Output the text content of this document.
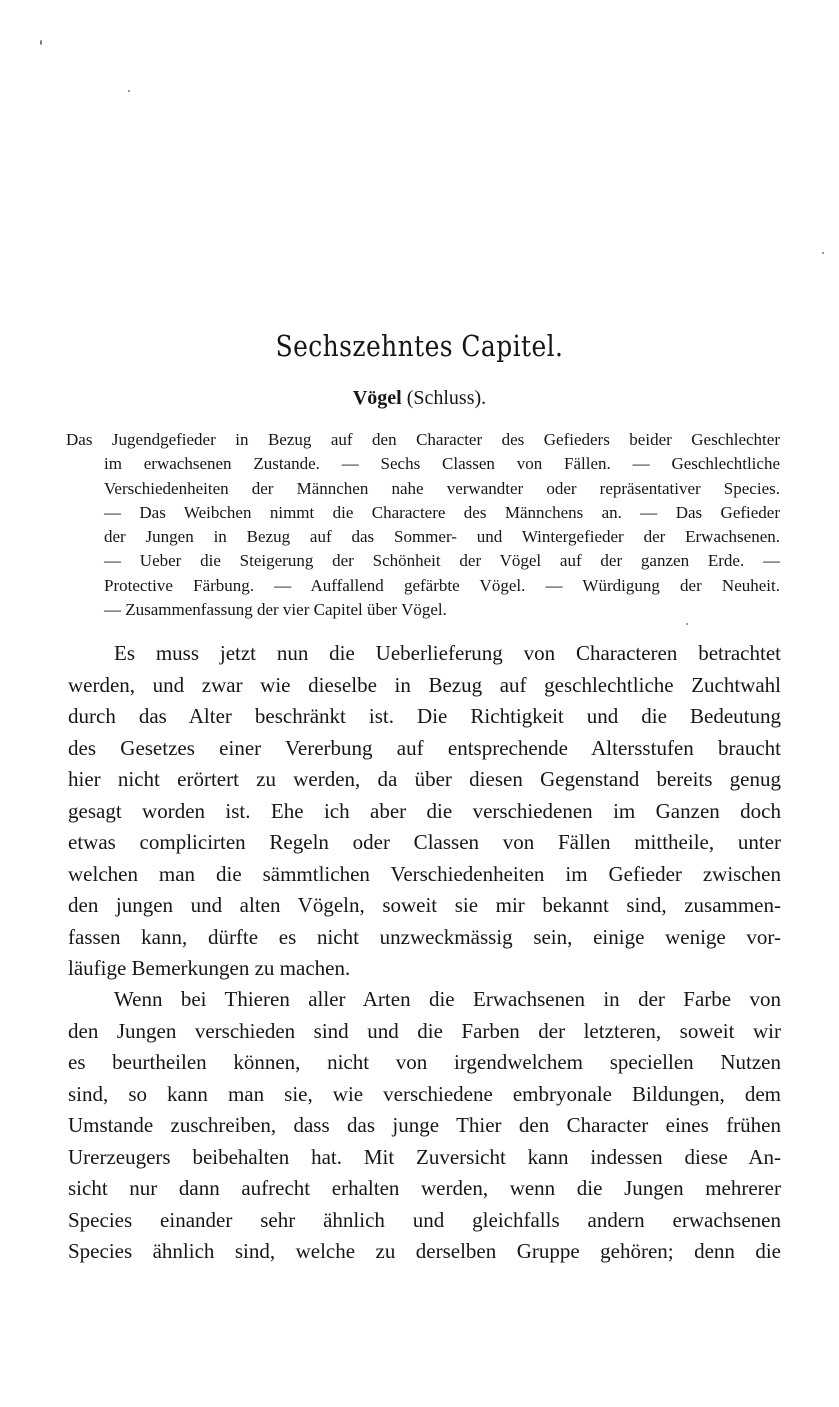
Sechszehntes Capitel.
Vögel (Schluss).
Das Jugendgefieder in Bezug auf den Character des Gefieders beider Geschlechter
im erwachsenen Zustande. — Sechs Classen von Fällen. — Geschlechtliche
Verschiedenheiten der Männchen nahe verwandter oder repräsentativer Species.
— Das Weibchen nimmt die Charactere des Männchens an. — Das Gefieder
der Jungen in Bezug auf das Sommer- und Wintergefieder der Erwachsenen.
— Ueber die Steigerung der Schönheit der Vögel auf der ganzen Erde. —
Protective Färbung. — Auffallend gefärbte Vögel. — Würdigung der Neuheit.
— Zusammenfassung der vier Capitel über Vögel.
Es muss jetzt nun die Ueberlieferung von Characteren betrachtet
werden, und zwar wie dieselbe in Bezug auf geschlechtliche Zuchtwahl
durch das Alter beschränkt ist. Die Richtigkeit und die Bedeutung
des Gesetzes einer Vererbung auf entsprechende Altersstufen braucht
hier nicht erörtert zu werden, da über diesen Gegenstand bereits genug
gesagt worden ist. Ehe ich aber die verschiedenen im Ganzen doch
etwas complicirten Regeln oder Classen von Fällen mittheile, unter
welchen man die sämmtlichen Verschiedenheiten im Gefieder zwischen
den jungen und alten Vögeln, soweit sie mir bekannt sind, zusammen-
fassen kann, dürfte es nicht unzweckmässig sein, einige wenige vor-
läufige Bemerkungen zu machen.
Wenn bei Thieren aller Arten die Erwachsenen in der Farbe von
den Jungen verschieden sind und die Farben der letzteren, soweit wir
es beurtheilen können, nicht von irgendwelchem speciellen Nutzen
sind, so kann man sie, wie verschiedene embryonale Bildungen, dem
Umstande zuschreiben, dass das junge Thier den Character eines frühen
Urerzeugers beibehalten hat. Mit Zuversicht kann indessen diese An-
sicht nur dann aufrecht erhalten werden, wenn die Jungen mehrerer
Species einander sehr ähnlich und gleichfalls andern erwachsenen
Species ähnlich sind, welche zu derselben Gruppe gehören; denn die
